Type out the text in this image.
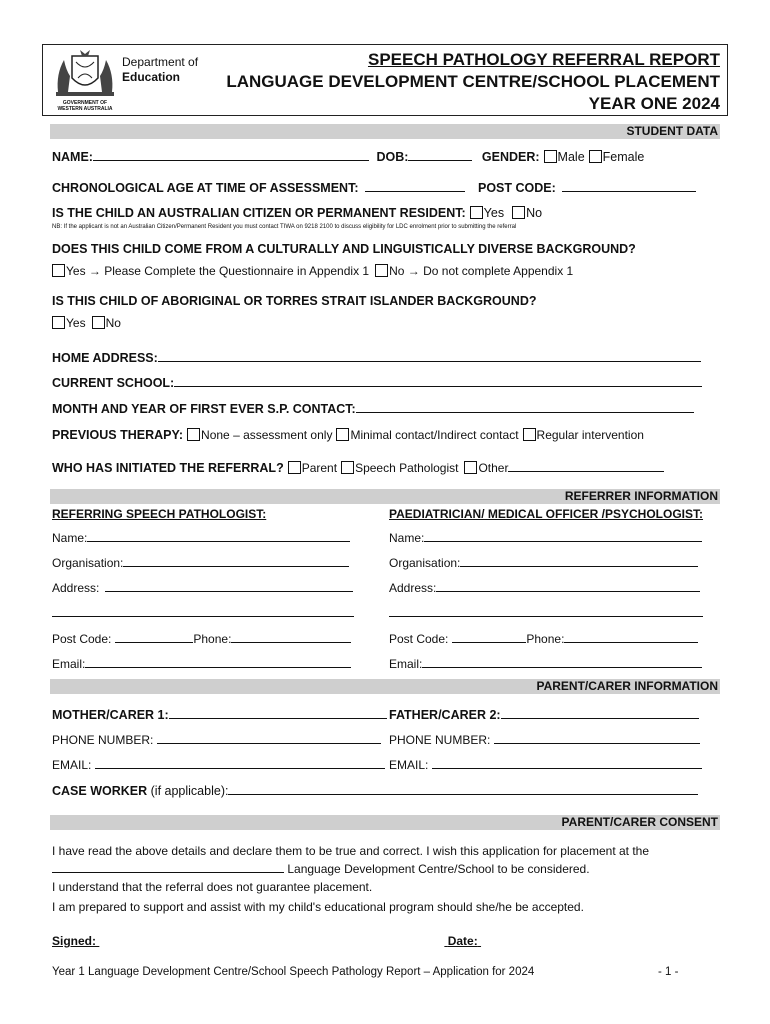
Department of
Education
GOVERNMENT OF
WESTERN AUSTRALIA
SPEECH PATHOLOGY REFERRAL REPORT
LANGUAGE DEVELOPMENT CENTRE/SCHOOL PLACEMENT
YEAR ONE 2024
STUDENT DATA
NAME:	DOB:	GENDER: Male Female
CHRONOLOGICAL AGE AT TIME OF ASSESSMENT:	POST CODE:
IS THE CHILD AN AUSTRALIAN CITIZEN OR PERMANENT RESIDENT: Yes No
NB: If the applicant is not an Australian Citizen/Permanent Resident you must contact TIWA on 9218 2100 to discuss eligibility for LDC enrolment prior to submitting the referral
DOES THIS CHILD COME FROM A CULTURALLY AND LINGUISTICALLY DIVERSE BACKGROUND?
Yes → Please Complete the Questionnaire in Appendix 1 No → Do not complete Appendix 1
IS THIS CHILD OF ABORIGINAL OR TORRES STRAIT ISLANDER BACKGROUND?
Yes No
HOME ADDRESS:
CURRENT SCHOOL:
MONTH AND YEAR OF FIRST EVER S.P. CONTACT:
PREVIOUS THERAPY: None – assessment only Minimal contact/Indirect contact Regular intervention
WHO HAS INITIATED THE REFERRAL? Parent Speech Pathologist Other
REFERRER INFORMATION
REFERRING SPEECH PATHOLOGIST:	PAEDIATRICIAN/ MEDICAL OFFICER /PSYCHOLOGIST:
Name:	Name:
Organisation:	Organisation:
Address:	Address:
Post Code:	Phone:	Post Code:	Phone:
Email:	Email:
PARENT/CARER INFORMATION
MOTHER/CARER 1:	FATHER/CARER 2:
PHONE NUMBER:	PHONE NUMBER:
EMAIL:	EMAIL:
CASE WORKER (if applicable):
PARENT/CARER CONSENT
I have read the above details and declare them to be true and correct. I wish this application for placement at the
Language Development Centre/School to be considered.
I understand that the referral does not guarantee placement.
I am prepared to support and assist with my child's educational program should she/he be accepted.
Signed:	Date:
Year 1 Language Development Centre/School Speech Pathology Report – Application for 2024	- 1 -
